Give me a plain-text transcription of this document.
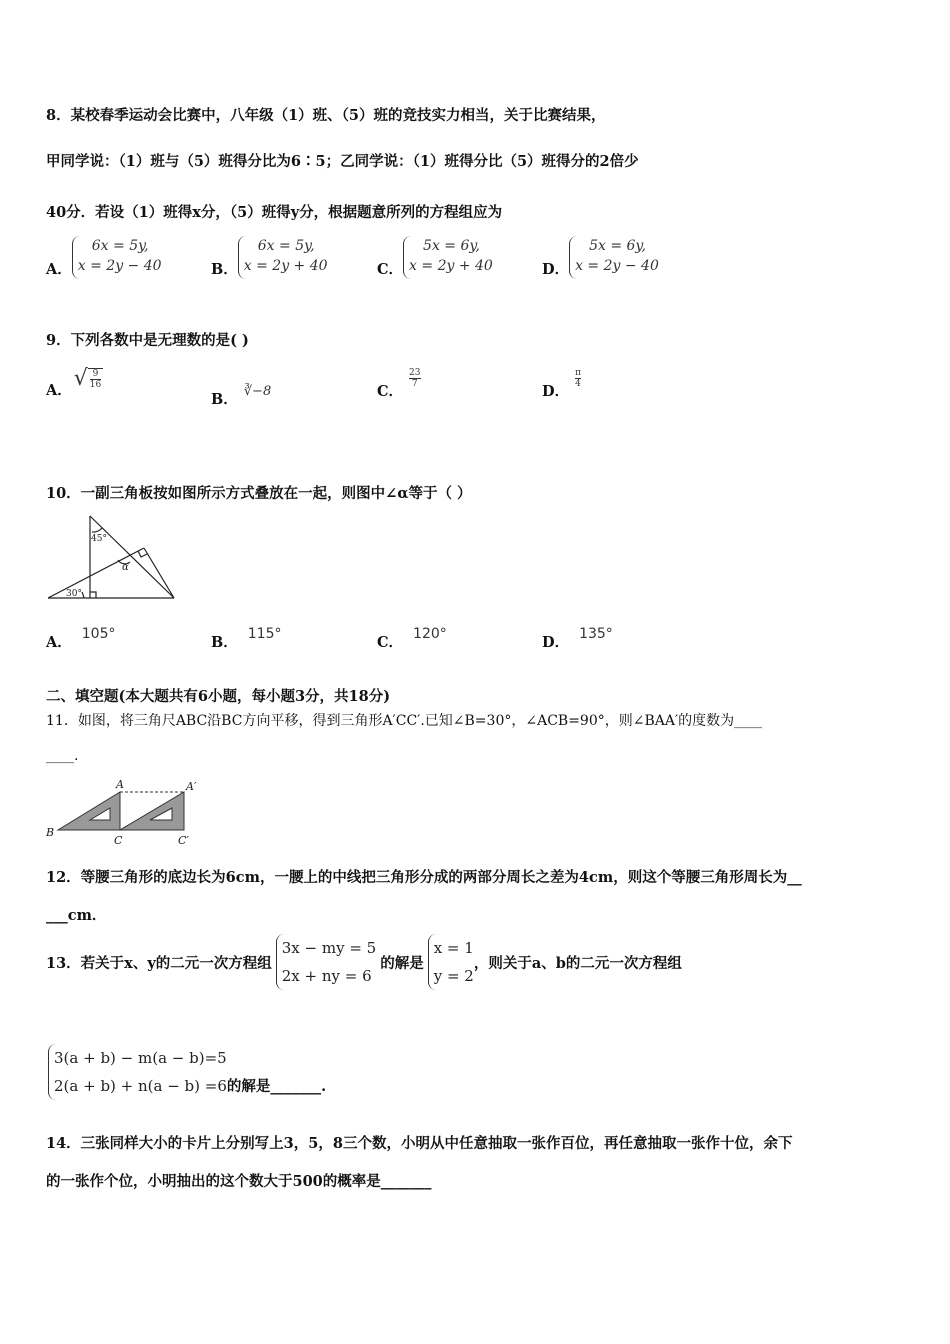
8．某校春季运动会比赛中，八年级（1）班、（5）班的竞技实力相当，关于比赛结果，
甲同学说：（1）班与（5）班得分比为6∶5；乙同学说：（1）班得分比（5）班得分的2倍少
40分．若设（1）班得x分，（5）班得y分，根据题意所列的方程组应为
A．
6x = 5y,
x = 2y − 40	B．
6x = 5y,
x = 2y + 40	C．
5x = 6y,
x = 2y + 40	D．
5x = 6y,
x = 2y − 40
9．下列各数中是无理数的是( )
A． √ $\frac{9}{16}$
B． ∛−8	C．
$\frac{23}{7}$
D．
$\frac{\pi}{4}$
10．一副三角板按如图所示方式叠放在一起，则图中∠α等于（ ）
45°
α
30°
A． 105°	B． 115°	C． 120°	D． 135°
二、填空题(本大题共有6小题，每小题3分，共18分)
11．如图，将三角尺ABC沿BC方向平移，得到三角形A′CC′.已知∠B=30°，∠ACB=90°，则∠BAA′的度数为____
____.
A	A′
B
C	C′
12．等腰三角形的底边长为6cm，一腰上的中线把三角形分成的两部分周长之差为4cm，则这个等腰三角形周长为__
___cm．
13．若关于x、y的二元一次方程组
3x − my = 5
2x + ny = 6
的解是
x = 1
y = 2
，则关于a、b的二元一次方程组
3(a + b) − m(a − b)=5
2(a + b) + n(a − b) =6 的解是_______.
14．三张同样大小的卡片上分别写上3，5，8三个数，小明从中任意抽取一张作百位，再任意抽取一张作十位，余下
的一张作个位，小明抽出的这个数大于500的概率是_______
